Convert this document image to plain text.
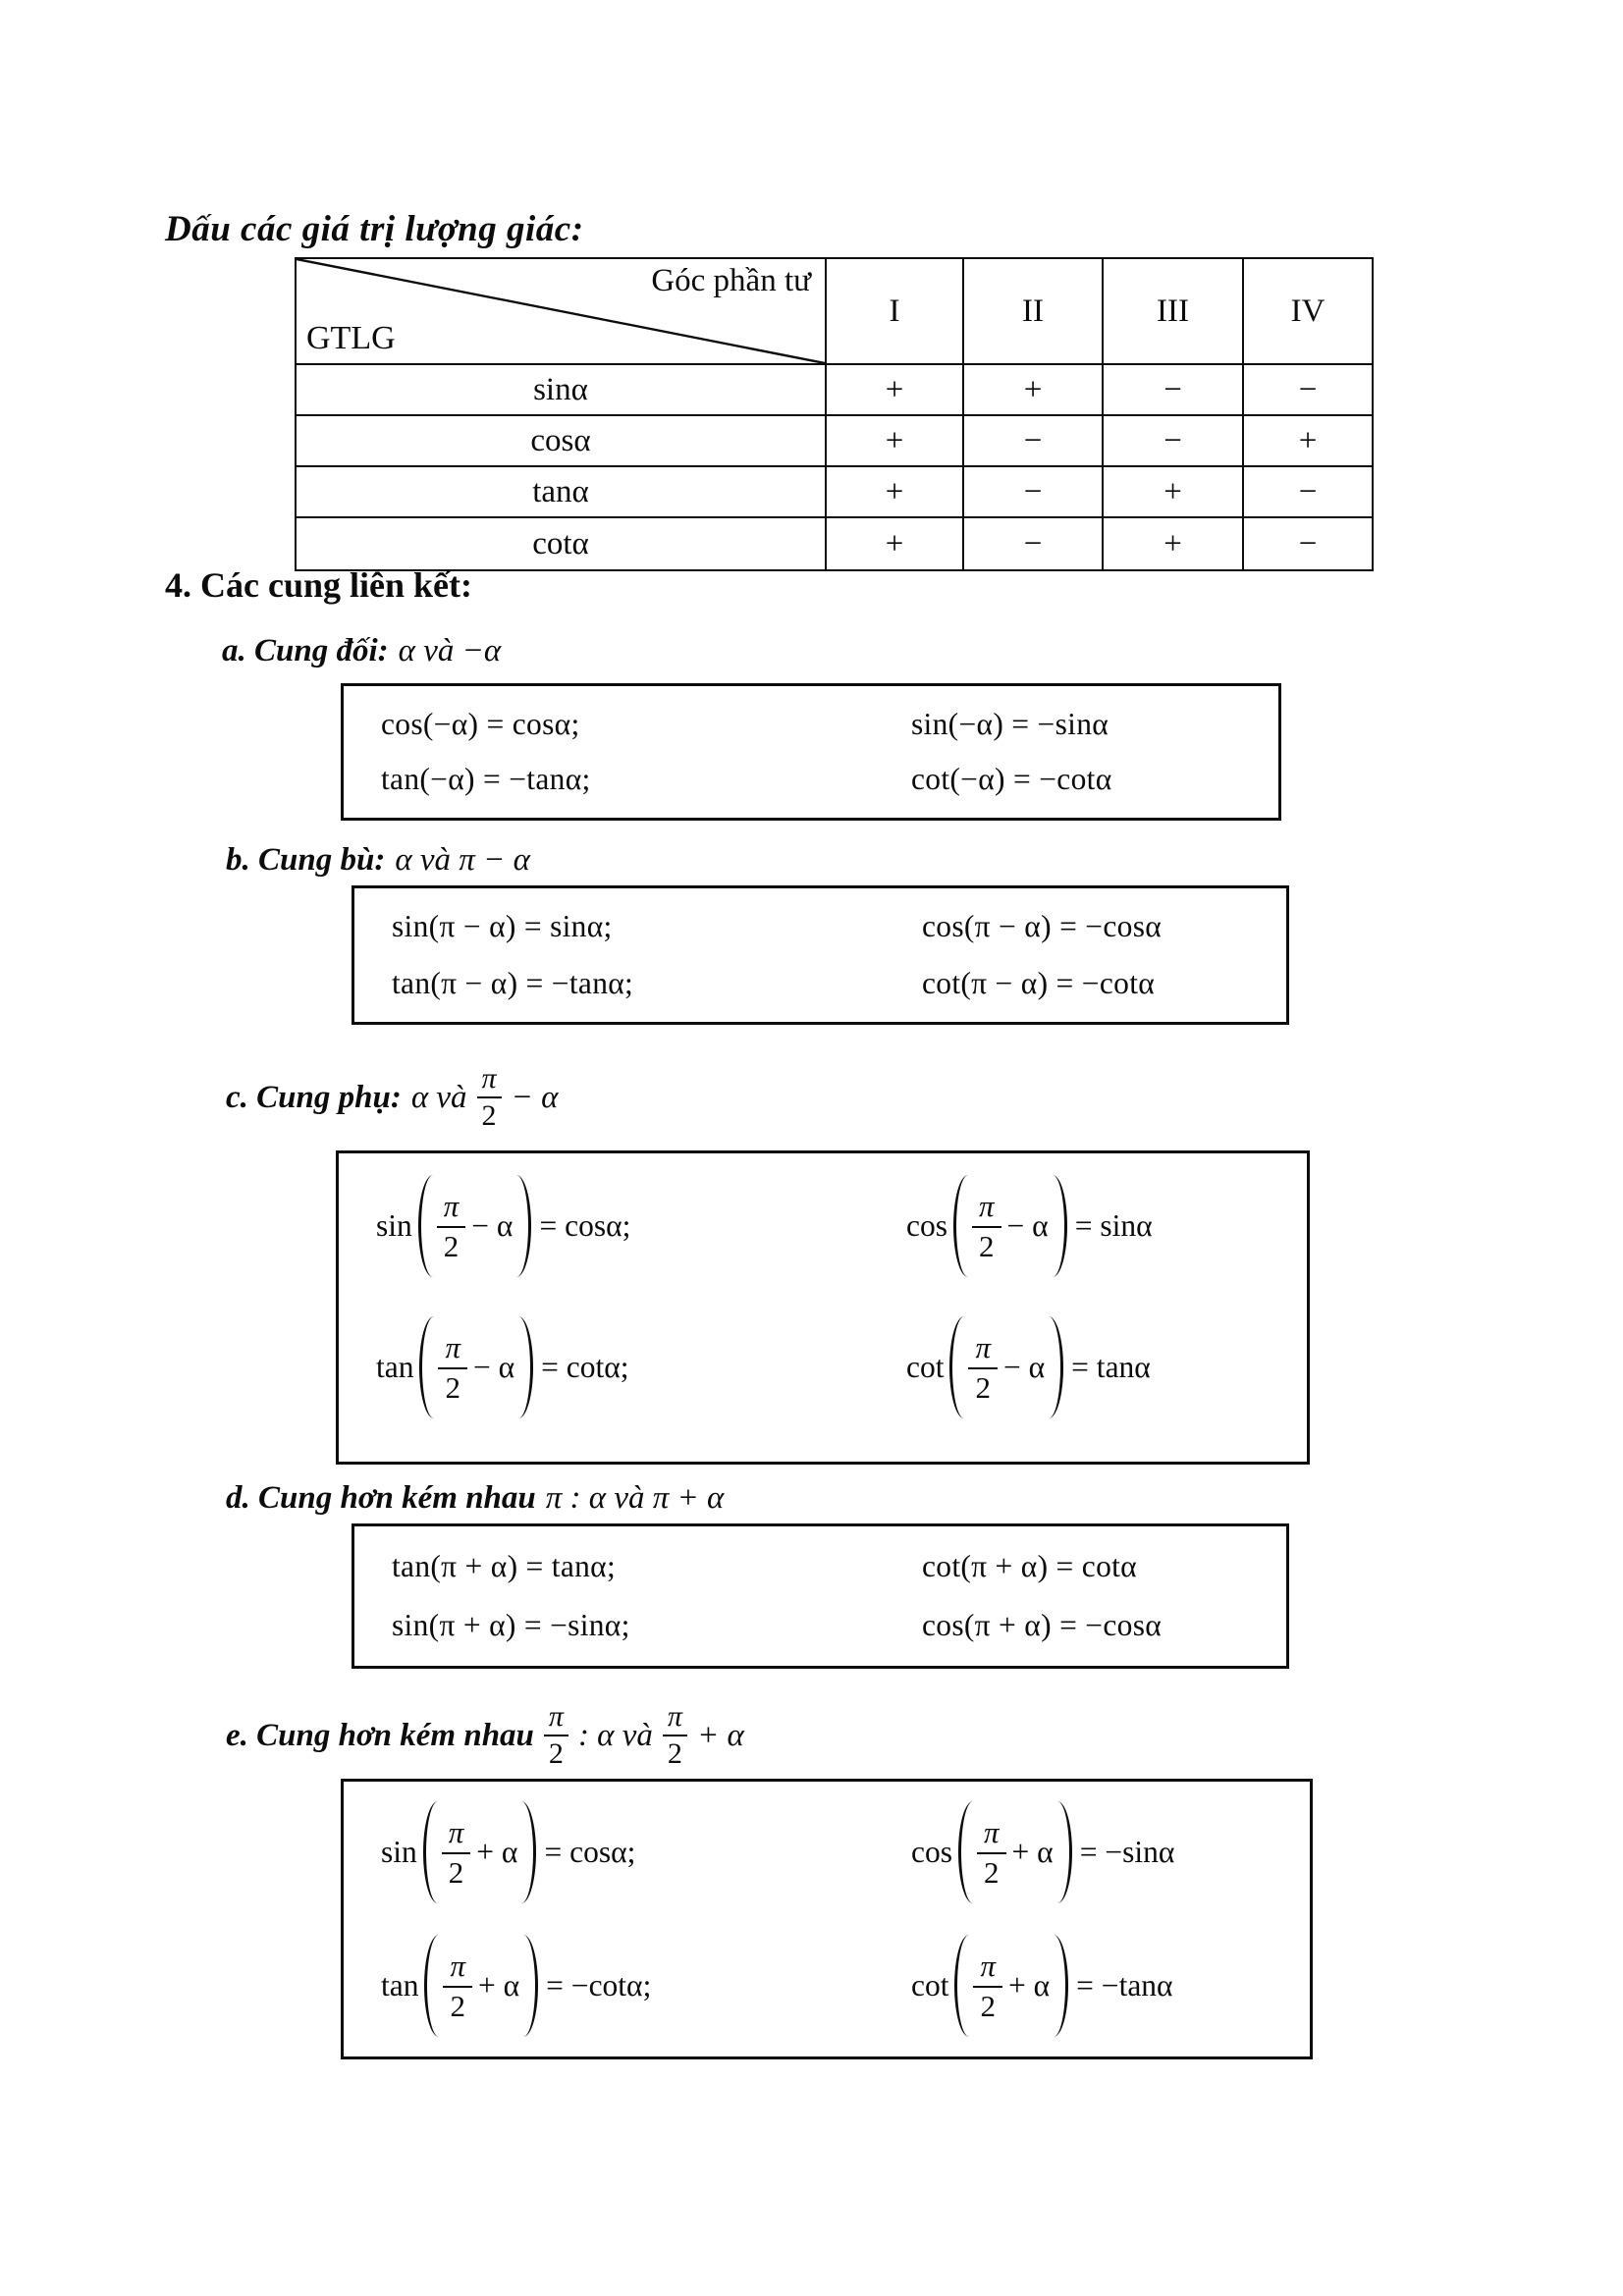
Dấu các giá trị lượng giác:
Góc phần tư
GTLG
I	II	III	IV
sinα	+	+	−	−
cosα	+	−	−	+
tanα	+	−	+	−
cotα	+	−	+	−
4. Các cung liên kết:
a. Cung đối: α và −α
cos(−α) = cosα;	sin(−α) = −sinα
tan(−α) = −tanα;	cot(−α) = −cotα
b. Cung bù: α và π − α
sin(π − α) = sinα;	cos(π − α) = −cosα
tan(π − α) = −tanα;	cot(π − α) = −cotα
c. Cung phụ: α và $\frac{\pi}{2} - \alpha$
$\sin \frac{\pi}{2} - \alpha = \cos\alpha$;	$\cos \frac{\pi}{2} - \alpha = \sin\alpha$
$\tan \frac{\pi}{2} - \alpha = \cot\alpha$;	$\cot \frac{\pi}{2} - \alpha = \tan\alpha$
d. Cung hơn kém nhau π : α và π + α
tan(π + α) = tanα;	cot(π + α) = cotα
sin(π + α) = −sinα;	cos(π + α) = −cosα
e. Cung hơn kém nhau $\frac{\pi}{2}$ : α và $\frac{\pi}{2} + \alpha$
$\sin \frac{\pi}{2} + \alpha = \cos\alpha$;	$\cos \frac{\pi}{2} + \alpha = -\sin\alpha$
$\tan \frac{\pi}{2} + \alpha = -\cot\alpha$;	$\cot \frac{\pi}{2} + \alpha = -\tan\alpha$
